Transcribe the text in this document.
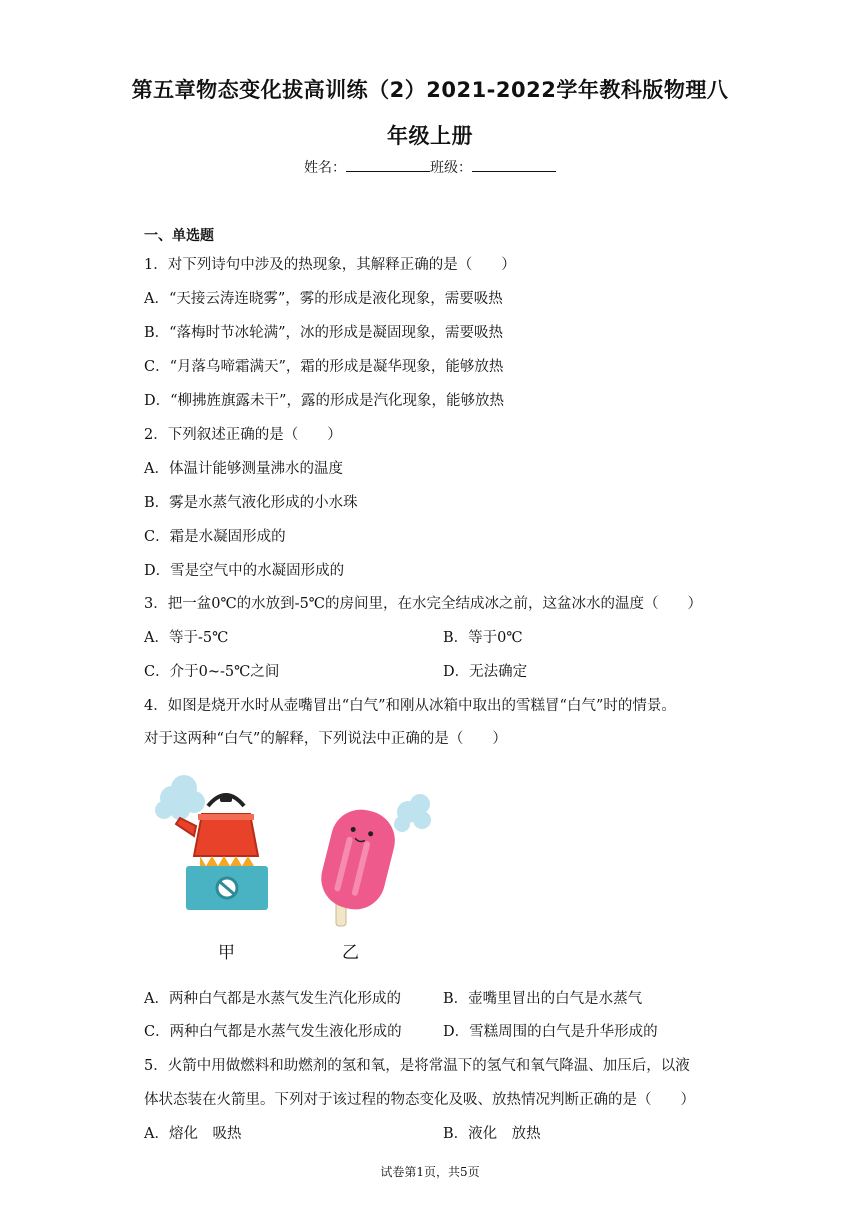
第五章物态变化拔高训练（2）2021-2022学年教科版物理八
年级上册
姓名：	班级：
一、单选题
1．对下列诗句中涉及的热现象，其解释正确的是（　　）
A．“天接云涛连晓雾”，雾的形成是液化现象，需要吸热
B．“落梅时节冰轮满”，冰的形成是凝固现象，需要吸热
C．“月落乌啼霜满天”，霜的形成是凝华现象，能够放热
D．“柳拂旌旗露未干”，露的形成是汽化现象，能够放热
2．下列叙述正确的是（　　）
A．体温计能够测量沸水的温度
B．雾是水蒸气液化形成的小水珠
C．霜是水凝固形成的
D．雪是空气中的水凝固形成的
3．把一盆0℃的水放到-5℃的房间里，在水完全结成冰之前，这盆冰水的温度（　　）
A．等于-5℃	B．等于0℃
C．介于0~-5℃之间	D．无法确定
4．如图是烧开水时从壶嘴冒出“白气”和刚从冰箱中取出的雪糕冒“白气”时的情景。
对于这两种“白气”的解释，下列说法中正确的是（　　）
甲	乙
A．两种白气都是水蒸气发生汽化形成的	B．壶嘴里冒出的白气是水蒸气
C．两种白气都是水蒸气发生液化形成的	D．雪糕周围的白气是升华形成的
5．火箭中用做燃料和助燃剂的氢和氧，是将常温下的氢气和氧气降温、加压后，以液
体状态装在火箭里。下列对于该过程的物态变化及吸、放热情况判断正确的是（　　）
A．熔化　吸热	B．液化　放热
试卷第1页，共5页
